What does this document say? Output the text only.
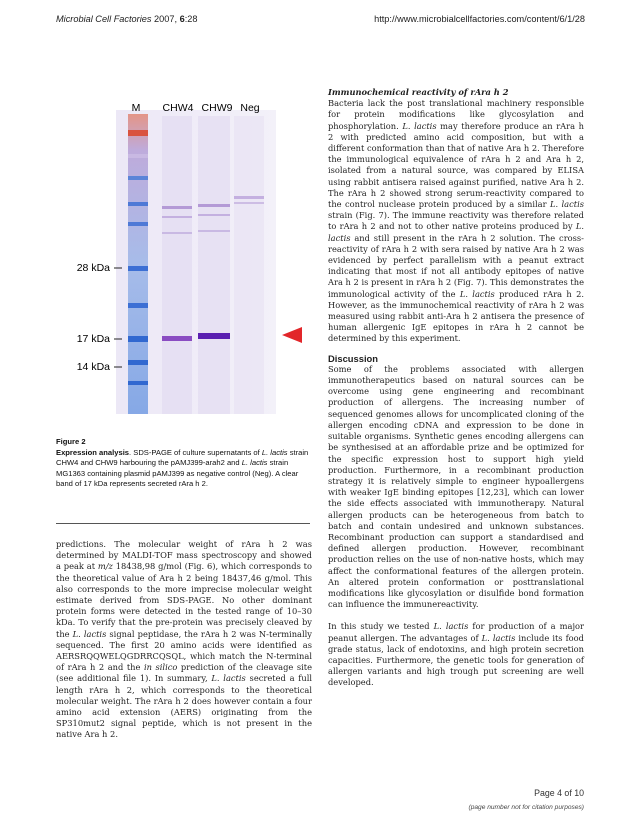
Microbial Cell Factories 2007, 6:28	http://www.microbialcellfactories.com/content/6/1/28
M CHW4 CHW9 Neg
28 kDa
17 kDa
14 kDa
Figure 2
Expression analysis. SDS-PAGE of culture supernatants of L. lactis strain CHW4 and CHW9 harbouring the pAMJ399-arah2 and L. lactis strain MG1363 containing plasmid pAMJ399 as negative control (Neg). A clear band of 17 kDa represents secreted rAra h 2.

predictions. The molecular weight of rAra h 2 was determined by MALDI-TOF mass spectroscopy and showed a peak at m/z 18438,98 g/mol (Fig. 6), which corresponds to the theoretical value of Ara h 2 being 18437,46 g/mol. This also corresponds to the more imprecise molecular weight estimate derived from SDS-PAGE. No other dominant protein forms were detected in the tested range of 10–30 kDa. To verify that the pre-protein was precisely cleaved by the L. lactis signal peptidase, the rAra h 2 was N-terminally sequenced. The first 20 amino acids were identified as AERSRQQWELQGDRRCQSQL, which match the N-terminal of rAra h 2 and the in silico prediction of the cleavage site (see additional file 1). In summary, L. lactis secreted a full length rAra h 2, which corresponds to the theoretical molecular weight. The rAra h 2 does however contain a four amino acid extension (AERS) originating from the SP310mut2 signal peptide, which is not present in the native Ara h 2.

Immunochemical reactivity of rAra h 2

Bacteria lack the post translational machinery responsible for protein modifications like glycosylation and phosphorylation. L. lactis may therefore produce an rAra h 2 with predicted amino acid composition, but with a different conformation than that of native Ara h 2. Therefore the immunological equivalence of rAra h 2 and Ara h 2, isolated from a natural source, was compared by ELISA using rabbit antisera raised against purified, native Ara h 2. The rAra h 2 showed strong serum-reactivity compared to the control nuclease protein produced by a similar L. lactis strain (Fig. 7). The immune reactivity was therefore related to rAra h 2 and not to other native proteins produced by L. lactis and still present in the rAra h 2 solution. The cross-reactivity of rAra h 2 with sera raised by native Ara h 2 was evidenced by perfect parallelism with a peanut extract indicating that most if not all antibody epitopes of native Ara h 2 is present in rAra h 2 (Fig. 7). This demonstrates the immunological activity of the L. lactis produced rAra h 2. However, as the immunochemical reactivity of rAra h 2 was measured using rabbit anti-Ara h 2 antisera the presence of human allergenic IgE epitopes in rAra h 2 cannot be determined by this experiment.

Discussion

Some of the problems associated with allergen immunotherapeutics based on natural sources can be overcome using gene engineering and recombinant production of allergens. The increasing number of sequenced genomes allows for uncomplicated cloning of the allergen encoding cDNA and expression to be done in suitable organisms. Synthetic genes encoding allergens can be synthesised at an affordable prize and be optimized for the specific expression host to support high yield production. Furthermore, in a recombinant production strategy it is relatively simple to engineer hypoallergens with weaker IgE binding epitopes [12,23], which can lower the side effects associated with immunotherapy. Natural allergen products can be heterogeneous from batch to batch and contain undesired and unknown substances. Recombinant production can support a standardised and defined allergen production. However, recombinant production relies on the use of non-native hosts, which may affect the conformational features of the allergen protein. An altered protein conformation or posttranslational modifications like glycosylation or disulfide bond formation can influence the immunereactivity.

In this study we tested L. lactis for production of a major peanut allergen. The advantages of L. lactis include its food grade status, lack of endotoxins, and high protein secretion capacities. Furthermore, the genetic tools for generation of allergen variants and high trough put screening are well developed.

Page 4 of 10
(page number not for citation purposes)
